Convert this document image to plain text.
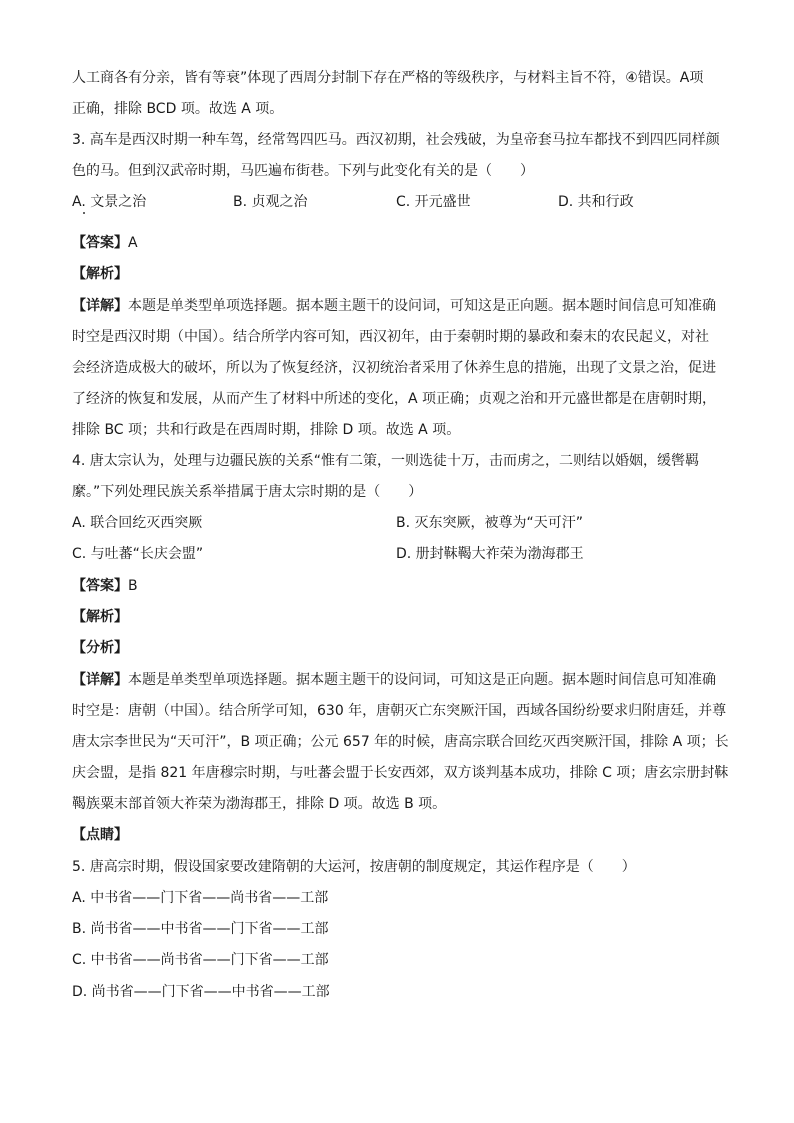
人工商各有分亲，皆有等衰”体现了西周分封制下存在严格的等级秩序，与材料主旨不符，④错误。A项
正确，排除 BCD 项。故选 A 项。
3. 高车是西汉时期一种车驾，经常驾四匹马。西汉初期，社会残破，为皇帝套马拉车都找不到四匹同样颜
色的马。但到汉武帝时期，马匹遍布街巷。下列与此变化有关的是（　　）
A. 文景之治	B. 贞观之治	C. 开元盛世	D. 共和行政
【答案】A
【解析】
【详解】本题是单类型单项选择题。据本题主题干的设问词，可知这是正向题。据本题时间信息可知准确
时空是西汉时期（中国）。结合所学内容可知，西汉初年，由于秦朝时期的暴政和秦末的农民起义，对社
会经济造成极大的破坏，所以为了恢复经济，汉初统治者采用了休养生息的措施，出现了文景之治，促进
了经济的恢复和发展，从而产生了材料中所述的变化，A 项正确；贞观之治和开元盛世都是在唐朝时期，
排除 BC 项；共和行政是在西周时期，排除 D 项。故选 A 项。
4. 唐太宗认为，处理与边疆民族的关系“惟有二策，一则选徒十万，击而虏之，二则结以婚姻，缓辔羁
縻。”下列处理民族关系举措属于唐太宗时期的是（　　）
A. 联合回纥灭西突厥	B. 灭东突厥，被尊为“天可汗”
C. 与吐蕃“长庆会盟”	D. 册封靺鞨大祚荣为渤海郡王
【答案】B
【解析】
【分析】
【详解】本题是单类型单项选择题。据本题主题干的设问词，可知这是正向题。据本题时间信息可知准确
时空是：唐朝（中国）。结合所学可知，630 年，唐朝灭亡东突厥汗国，西域各国纷纷要求归附唐廷，并尊
唐太宗李世民为“天可汗”，B 项正确；公元 657 年的时候，唐高宗联合回纥灭西突厥汗国，排除 A 项；长
庆会盟，是指 821 年唐穆宗时期，与吐蕃会盟于长安西郊，双方谈判基本成功，排除 C 项；唐玄宗册封靺
鞨族粟末部首领大祚荣为渤海郡王，排除 D 项。故选 B 项。
【点睛】
5. 唐高宗时期，假设国家要改建隋朝的大运河，按唐朝的制度规定，其运作程序是（　　）
A. 中书省——门下省——尚书省——工部
B. 尚书省——中书省——门下省——工部
C. 中书省——尚书省——门下省——工部
D. 尚书省——门下省——中书省——工部
